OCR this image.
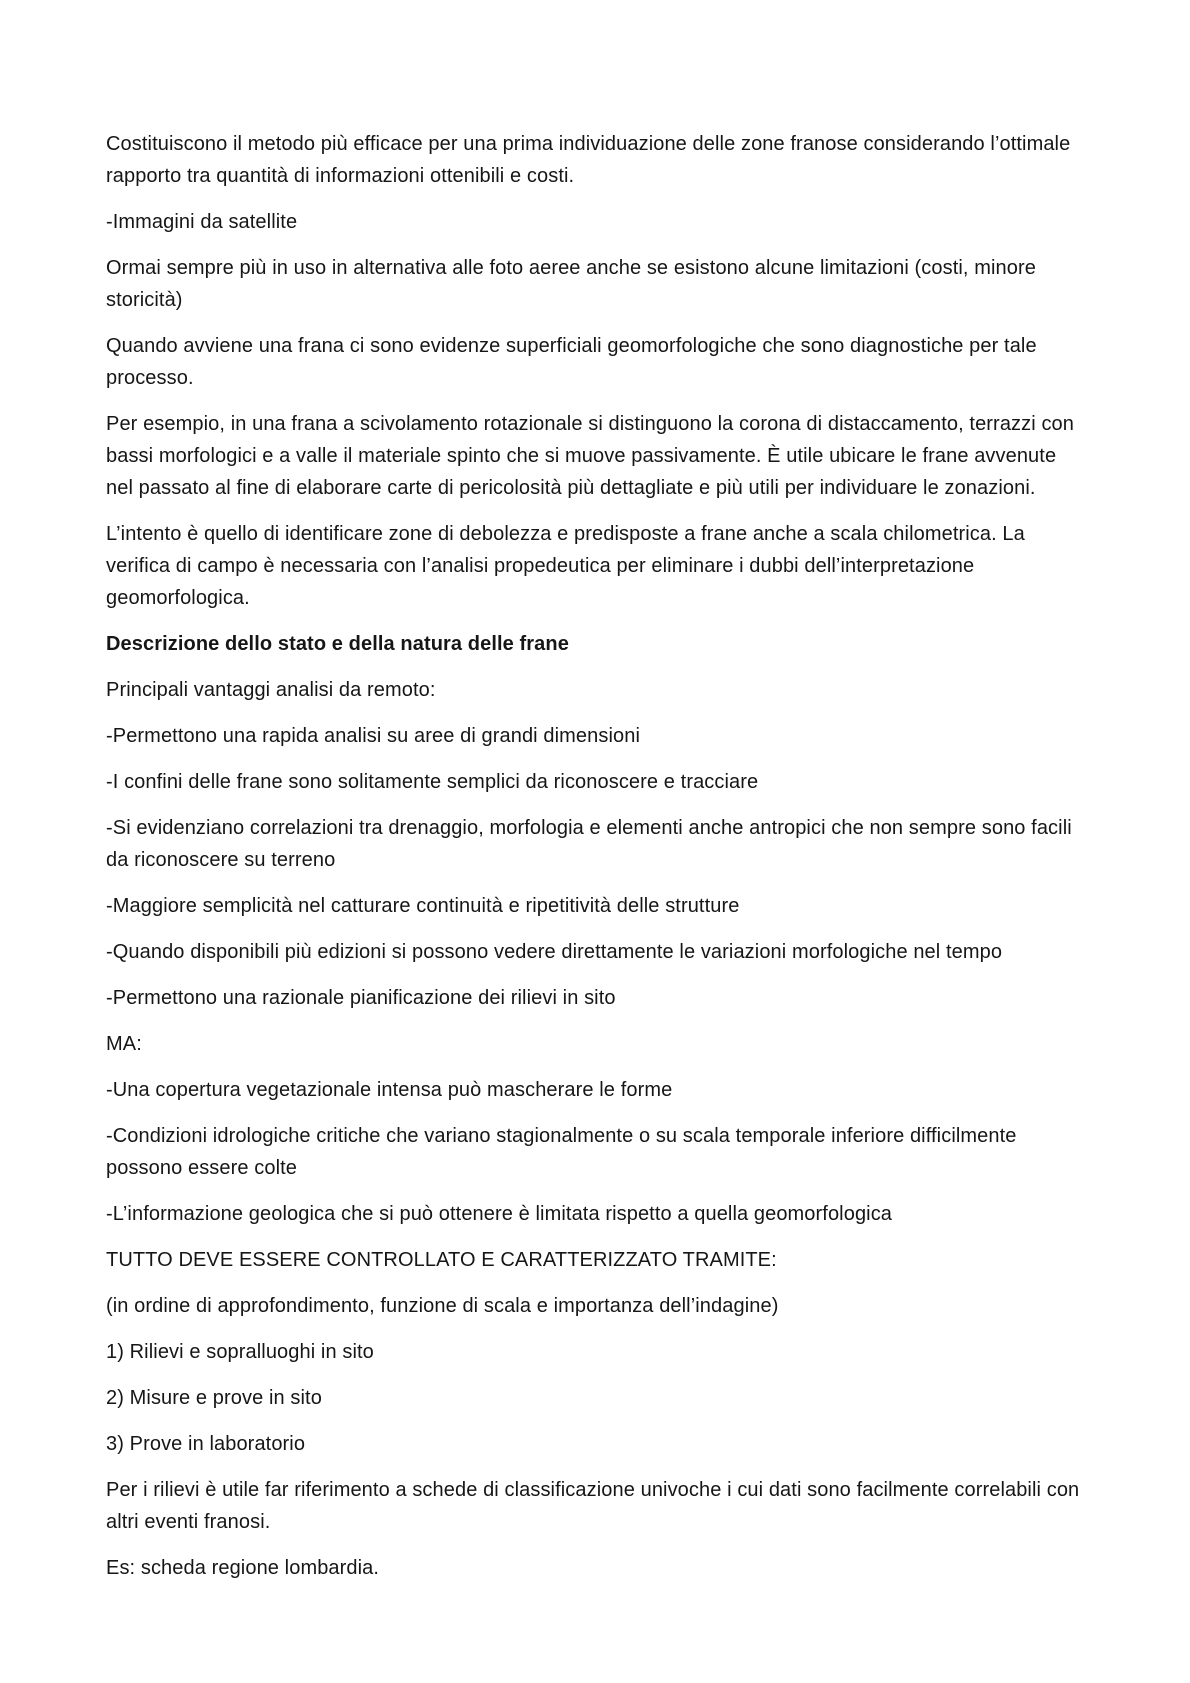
Costituiscono il metodo più efficace per una prima individuazione delle zone franose considerando l’ottimale rapporto tra quantità di informazioni ottenibili e costi.

-Immagini da satellite

Ormai sempre più in uso in alternativa alle foto aeree anche se esistono alcune limitazioni (costi, minore storicità)

Quando avviene una frana ci sono evidenze superficiali geomorfologiche che sono diagnostiche per tale processo.

Per esempio, in una frana a scivolamento rotazionale si distinguono la corona di distaccamento, terrazzi con bassi morfologici e a valle il materiale spinto che si muove passivamente. È utile ubicare le frane avvenute nel passato al fine di elaborare carte di pericolosità più dettagliate e più utili per individuare le zonazioni.

L’intento è quello di identificare zone di debolezza e predisposte a frane anche a scala chilometrica. La verifica di campo è necessaria con l’analisi propedeutica per eliminare i dubbi dell’interpretazione geomorfologica.

Descrizione dello stato e della natura delle frane

Principali vantaggi analisi da remoto:

-Permettono una rapida analisi su aree di grandi dimensioni

-I confini delle frane sono solitamente semplici da riconoscere e tracciare

-Si evidenziano correlazioni tra drenaggio, morfologia e elementi anche antropici che non sempre sono facili da riconoscere su terreno

-Maggiore semplicità nel catturare continuità e ripetitività delle strutture

-Quando disponibili più edizioni si possono vedere direttamente le variazioni morfologiche nel tempo

-Permettono una razionale pianificazione dei rilievi in sito

MA:

-Una copertura vegetazionale intensa può mascherare le forme

-Condizioni idrologiche critiche che variano stagionalmente o su scala temporale inferiore difficilmente possono essere colte

-L’informazione geologica che si può ottenere è limitata rispetto a quella geomorfologica

TUTTO DEVE ESSERE CONTROLLATO E CARATTERIZZATO TRAMITE:

(in ordine di approfondimento, funzione di scala e importanza dell’indagine)

1) Rilievi e sopralluoghi in sito

2) Misure e prove in sito

3) Prove in laboratorio

Per i rilievi è utile far riferimento a schede di classificazione univoche i cui dati sono facilmente correlabili con altri eventi franosi.

Es: scheda regione lombardia.
